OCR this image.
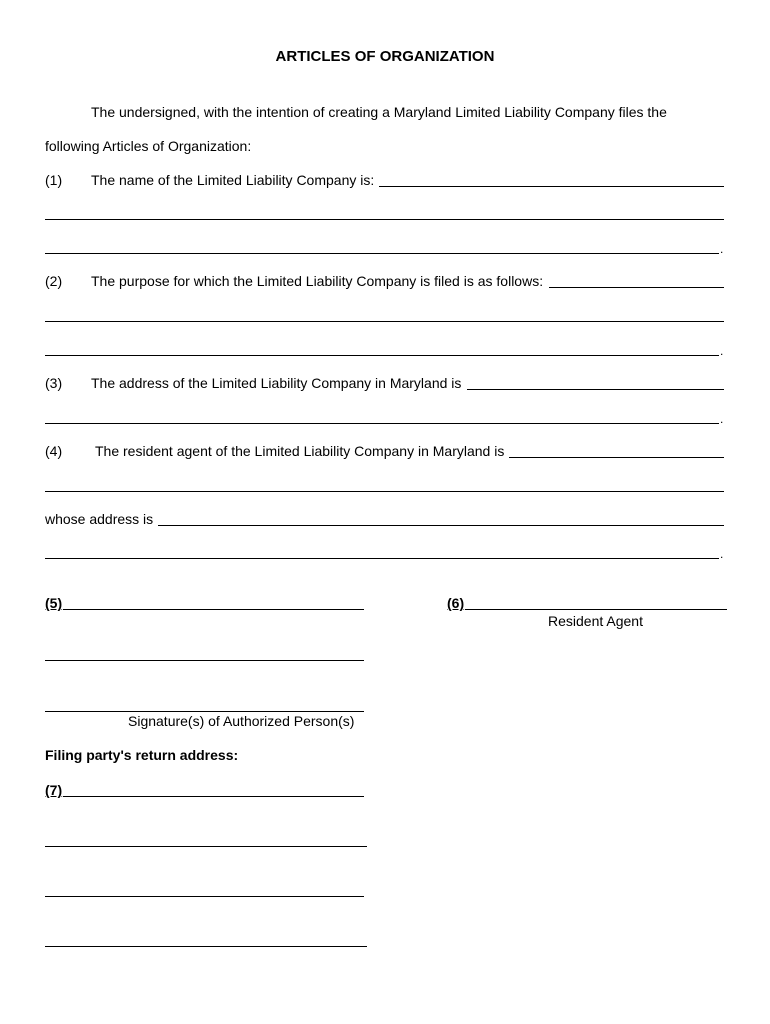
ARTICLES OF ORGANIZATION
The undersigned, with the intention of creating a Maryland Limited Liability Company files the
following Articles of Organization:
(1) The name of the Limited Liability Company is:
.
(2) The purpose for which the Limited Liability Company is filed is as follows:
.
(3) The address of the Limited Liability Company in Maryland is
.
(4) The resident agent of the Limited Liability Company in Maryland is
whose address is
.
(5)	(6)
Resident Agent
Signature(s) of Authorized Person(s)
Filing party's return address:
(7)
